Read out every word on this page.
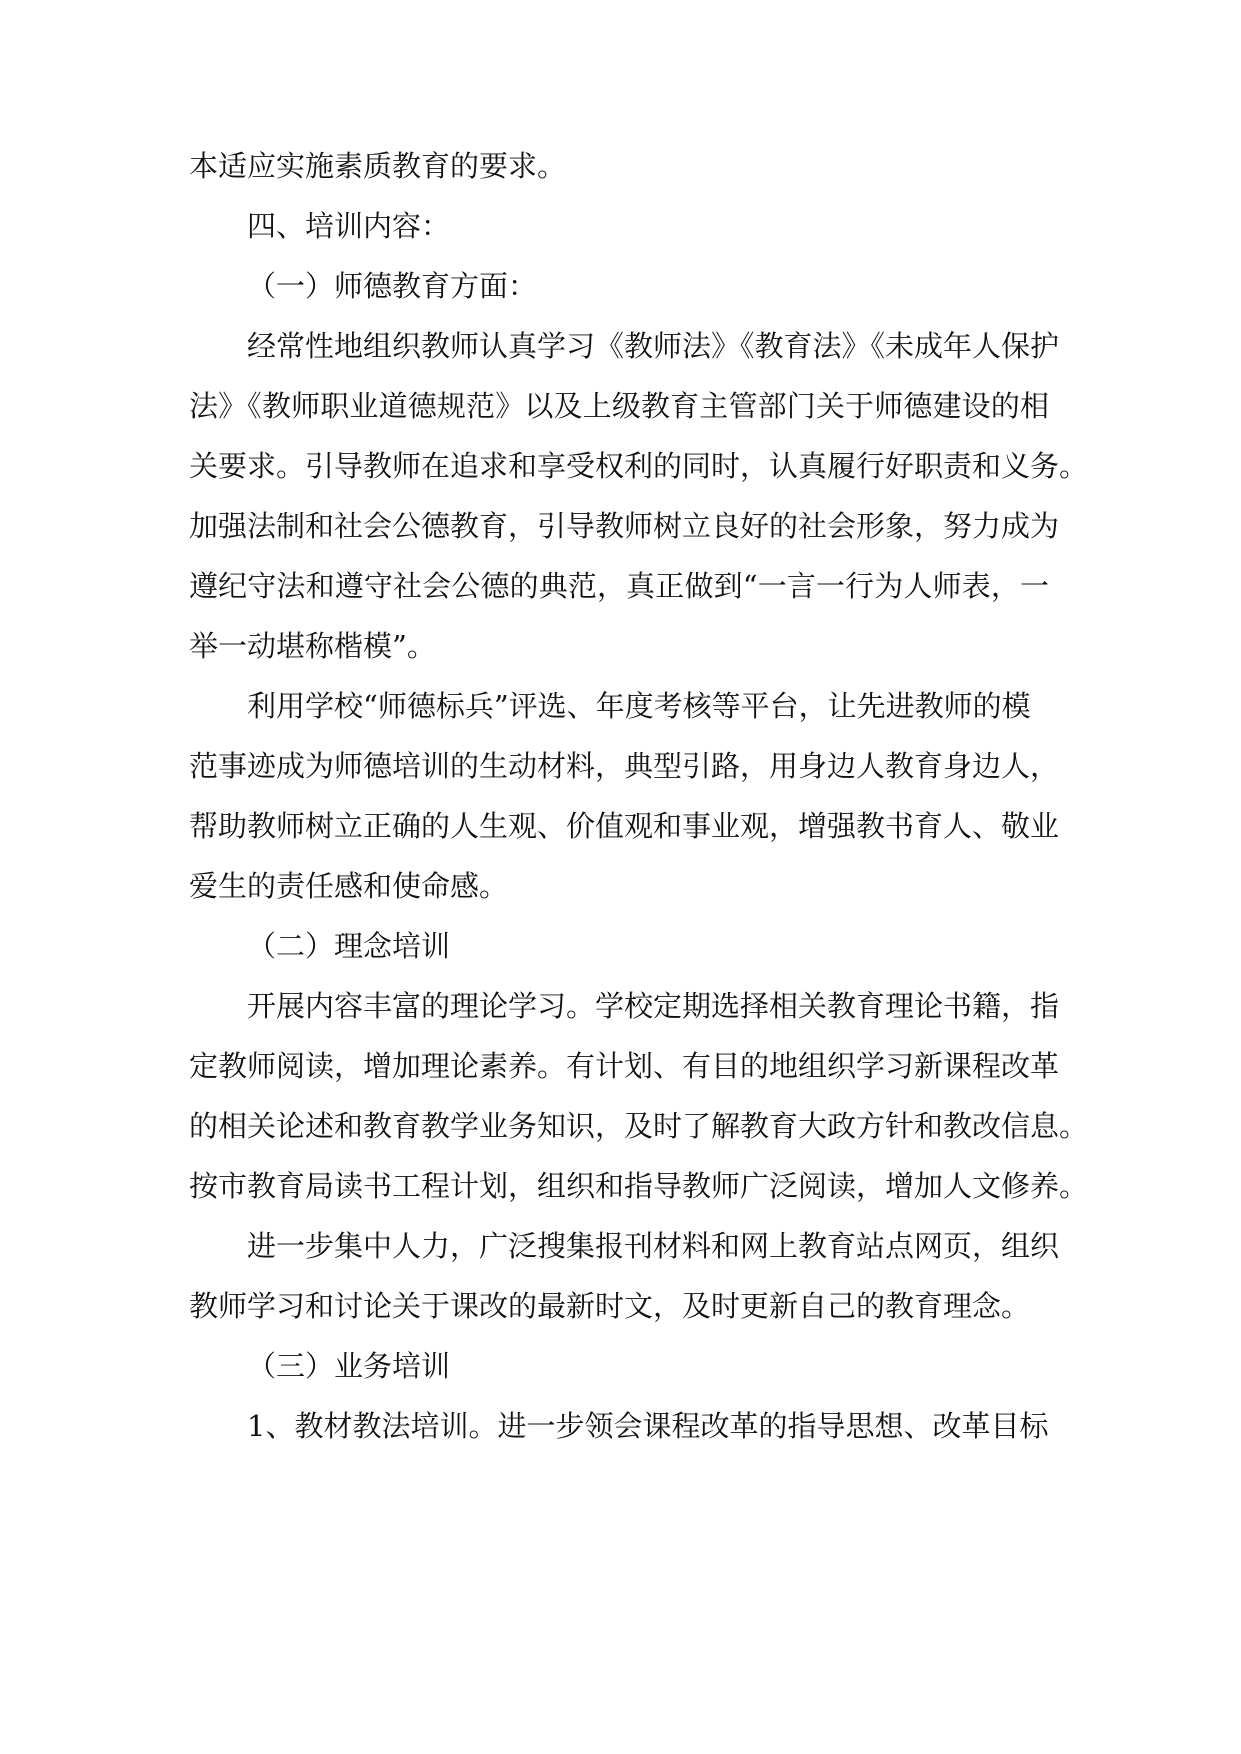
本适应实施素质教育的要求。

四、培训内容：

（一）师德教育方面：

经常性地组织教师认真学习《教师法》《教育法》《未成年人保护

法》《教师职业道德规范》以及上级教育主管部门关于师德建设的相

关要求。引导教师在追求和享受权利的同时，认真履行好职责和义务。

加强法制和社会公德教育，引导教师树立良好的社会形象，努力成为

遵纪守法和遵守社会公德的典范，真正做到“一言一行为人师表，一

举一动堪称楷模”。

利用学校“师德标兵”评选、年度考核等平台，让先进教师的模

范事迹成为师德培训的生动材料，典型引路，用身边人教育身边人，

帮助教师树立正确的人生观、价值观和事业观，增强教书育人、敬业

爱生的责任感和使命感。

（二）理念培训

开展内容丰富的理论学习。学校定期选择相关教育理论书籍，指

定教师阅读，增加理论素养。有计划、有目的地组织学习新课程改革

的相关论述和教育教学业务知识，及时了解教育大政方针和教改信息。

按市教育局读书工程计划，组织和指导教师广泛阅读，增加人文修养。

进一步集中人力，广泛搜集报刊材料和网上教育站点网页，组织

教师学习和讨论关于课改的最新时文，及时更新自己的教育理念。

（三）业务培训

1、教材教法培训。进一步领会课程改革的指导思想、改革目标
